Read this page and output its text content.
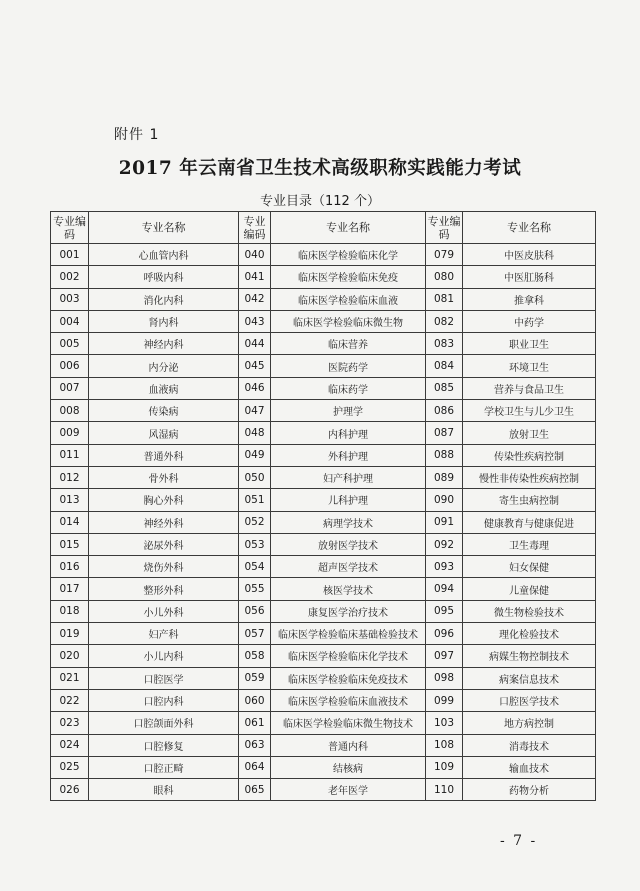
附件 1
2017 年云南省卫生技术高级职称实践能力考试
专业目录（112 个）
专业编码	专业名称	专业编码	专业名称	专业编码	专业名称
001	心血管内科	040	临床医学检验临床化学	079	中医皮肤科
002	呼吸内科	041	临床医学检验临床免疫	080	中医肛肠科
003	消化内科	042	临床医学检验临床血液	081	推拿科
004	肾内科	043	临床医学检验临床微生物	082	中药学
005	神经内科	044	临床营养	083	职业卫生
006	内分泌	045	医院药学	084	环境卫生
007	血液病	046	临床药学	085	营养与食品卫生
008	传染病	047	护理学	086	学校卫生与儿少卫生
009	风湿病	048	内科护理	087	放射卫生
011	普通外科	049	外科护理	088	传染性疾病控制
012	骨外科	050	妇产科护理	089	慢性非传染性疾病控制
013	胸心外科	051	儿科护理	090	寄生虫病控制
014	神经外科	052	病理学技术	091	健康教育与健康促进
015	泌尿外科	053	放射医学技术	092	卫生毒理
016	烧伤外科	054	超声医学技术	093	妇女保健
017	整形外科	055	核医学技术	094	儿童保健
018	小儿外科	056	康复医学治疗技术	095	微生物检验技术
019	妇产科	057	临床医学检验临床基础检验技术	096	理化检验技术
020	小儿内科	058	临床医学检验临床化学技术	097	病媒生物控制技术
021	口腔医学	059	临床医学检验临床免疫技术	098	病案信息技术
022	口腔内科	060	临床医学检验临床血液技术	099	口腔医学技术
023	口腔颌面外科	061	临床医学检验临床微生物技术	103	地方病控制
024	口腔修复	063	普通内科	108	消毒技术
025	口腔正畸	064	结核病	109	输血技术
026	眼科	065	老年医学	110	药物分析
- 7 -
